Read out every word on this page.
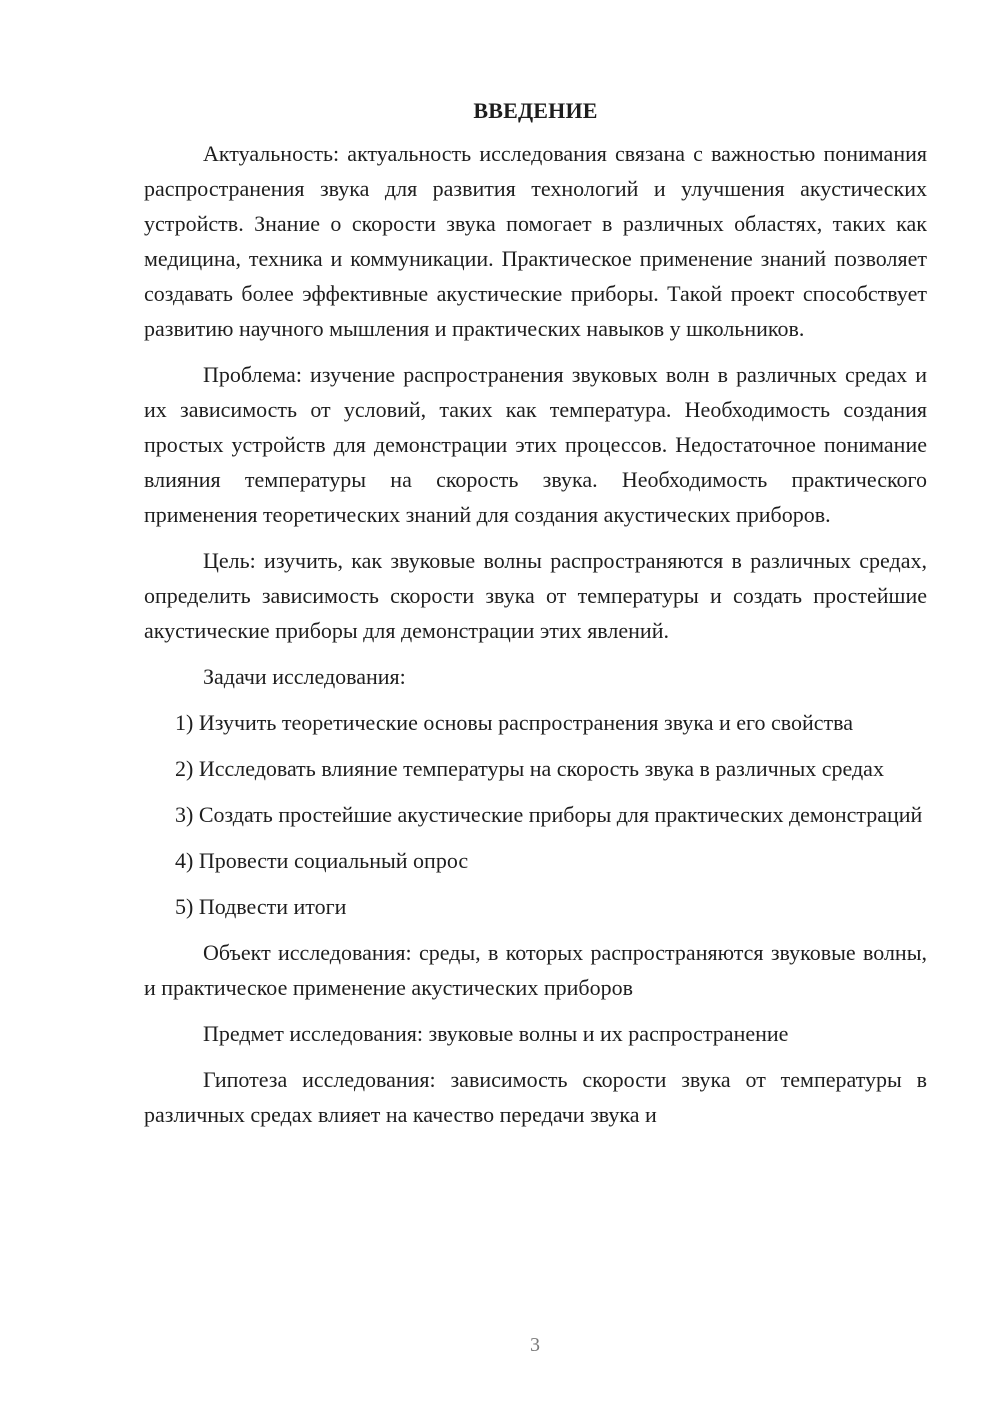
ВВЕДЕНИЕ

Актуальность: актуальность исследования связана с важностью понимания распространения звука для развития технологий и улучшения акустических устройств. Знание о скорости звука помогает в различных областях, таких как медицина, техника и коммуникации. Практическое применение знаний позволяет создавать более эффективные акустические приборы. Такой проект способствует развитию научного мышления и практических навыков у школьников.

Проблема: изучение распространения звуковых волн в различных средах и их зависимость от условий, таких как температура. Необходимость создания простых устройств для демонстрации этих процессов. Недостаточное понимание влияния температуры на скорость звука. Необходимость практического применения теоретических знаний для создания акустических приборов.

Цель: изучить, как звуковые волны распространяются в различных средах, определить зависимость скорости звука от температуры и создать простейшие акустические приборы для демонстрации этих явлений.

Задачи исследования:

1) Изучить теоретические основы распространения звука и его свойства

2) Исследовать влияние температуры на скорость звука в различных средах

3) Создать простейшие акустические приборы для практических демонстраций

4) Провести социальный опрос

5) Подвести итоги

Объект исследования: среды, в которых распространяются звуковые волны, и практическое применение акустических приборов

Предмет исследования: звуковые волны и их распространение

Гипотеза исследования: зависимость скорости звука от температуры в различных средах влияет на качество передачи звука и

3
